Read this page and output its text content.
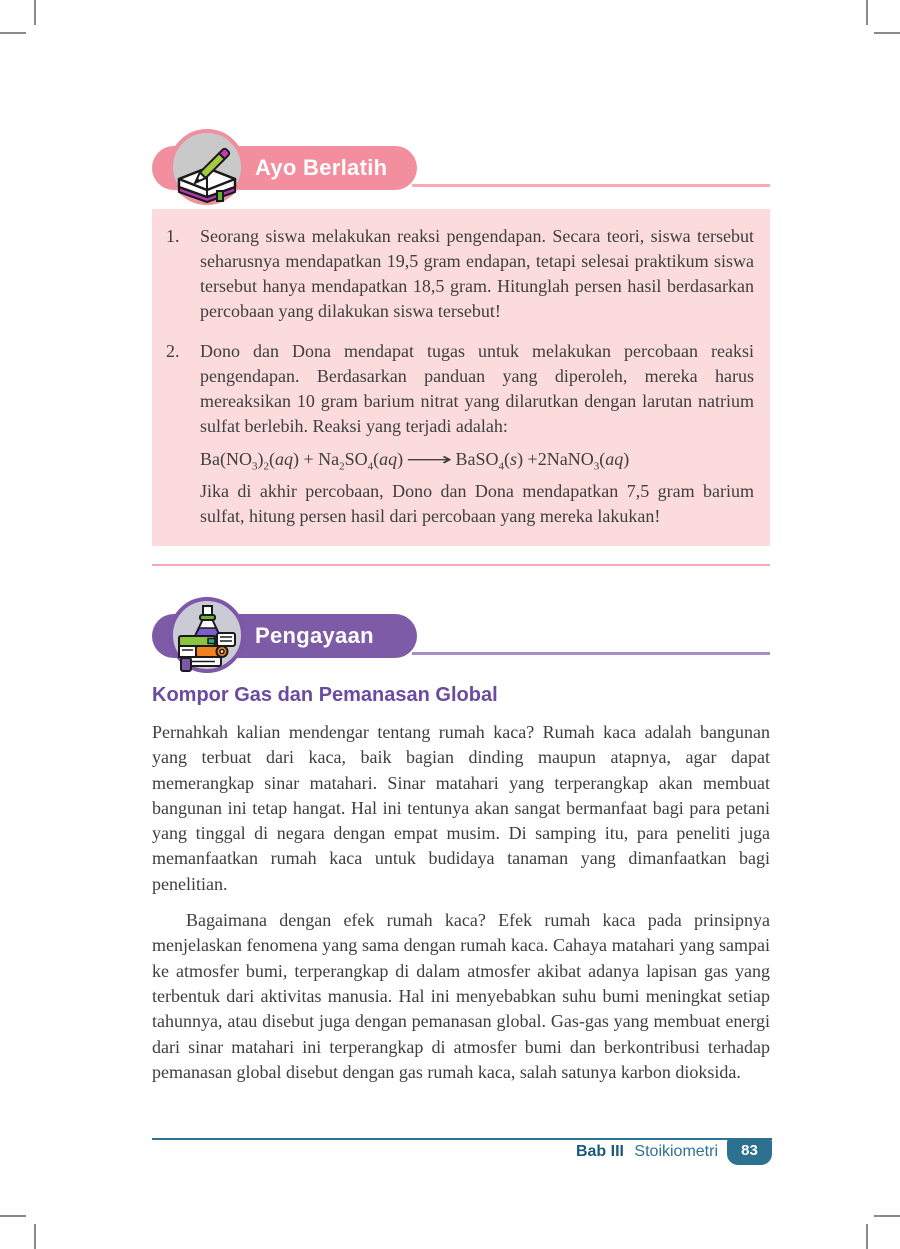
Ayo Berlatih
1.	Seorang siswa melakukan reaksi pengendapan. Secara teori, siswa tersebut seharusnya mendapatkan 19,5 gram endapan, tetapi selesai praktikum siswa tersebut hanya mendapatkan 18,5 gram. Hitunglah persen hasil berdasarkan percobaan yang dilakukan siswa tersebut!
2.	Dono dan Dona mendapat tugas untuk melakukan percobaan reaksi pengendapan. Berdasarkan panduan yang diperoleh, mereka harus mereaksikan 10 gram barium nitrat yang dilarutkan dengan larutan natrium sulfat berlebih. Reaksi yang terjadi adalah:

$Ba(NO_3)_2(aq) + Na_2SO_4(aq)$ ⟶ BaSO$_4$(s) +2NaNO$_3$(aq)

Jika di akhir percobaan, Dono dan Dona mendapatkan 7,5 gram barium sulfat, hitung persen hasil dari percobaan yang mereka lakukan!

Pengayaan
Kompor Gas dan Pemanasan Global

Pernahkah kalian mendengar tentang rumah kaca? Rumah kaca adalah bangunan yang terbuat dari kaca, baik bagian dinding maupun atapnya, agar dapat memerangkap sinar matahari. Sinar matahari yang terperangkap akan membuat bangunan ini tetap hangat. Hal ini tentunya akan sangat bermanfaat bagi para petani yang tinggal di negara dengan empat musim. Di samping itu, para peneliti juga memanfaatkan rumah kaca untuk budidaya tanaman yang dimanfaatkan bagi penelitian.

Bagaimana dengan efek rumah kaca? Efek rumah kaca pada prinsipnya menjelaskan fenomena yang sama dengan rumah kaca. Cahaya matahari yang sampai ke atmosfer bumi, terperangkap di dalam atmosfer akibat adanya lapisan gas yang terbentuk dari aktivitas manusia. Hal ini menyebabkan suhu bumi meningkat setiap tahunnya, atau disebut juga dengan pemanasan global. Gas-gas yang membuat energi dari sinar matahari ini terperangkap di atmosfer bumi dan berkontribusi terhadap pemanasan global disebut dengan gas rumah kaca, salah satunya karbon dioksida.

Bab III Stoikiometri	83
